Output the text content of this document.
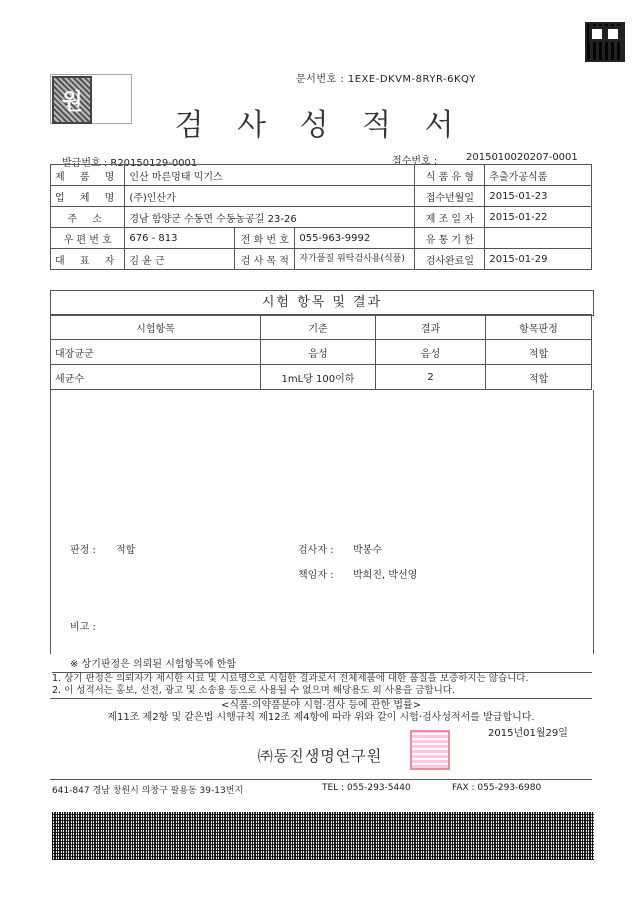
문서번호 : 1EXE-DKVM-8RYR-6KQY
원
검 사 성 적 서
발급번호 : R20150129-0001	접수번호 :	2015010020207-0001
제 품 명	인산 마른멍태 믹기스			식 품 유 형	추출가공식품
업 체 명	(주)인산가			접수년월일	2015-01-23
주 소	경남 함양군 수동면 수동농공길 23-26			제 조 일 자	2015-01-22
우 편 번 호	676 - 813	전 화 번 호	055-963-9992	유 통 기 한	
대 표 자	김 윤 근	검 사 목 적	자가품질 위탁검사용(식품)	검사완료일	2015-01-29
시험 항목 및 결과
시험항목	기준	결과	항목판정
대장균군	음성	음성	적합
세균수	1mL당 100이하	2	적합
판정 : 적합	검사자 : 박봉수
책임자 : 박희진, 박선영
비고 :
※ 상기판정은 의뢰된 시험항목에 한함
1. 상기 판정은 의뢰자가 제시한 시료 및 시료명으로 시험한 결과로서 전체제품에 대한 품질을 보증하지는 않습니다.
2. 이 성적서는 홍보, 선전, 광고 및 소송용 등으로 사용될 수 없으며 해당용도 외 사용을 금합니다.
<식품·의약품분야 시험·검사 등에 관한 법률>
제11조 제2항 및 같은법 시행규칙 제12조 제4항에 따라 위와 같이 시험·검사성적서를 발급합니다.
2015년01월29일
㈜동진생명연구원
641-847 경남 창원시 의창구 팔용동 39-13번지	TEL : 055-293-5440	FAX : 055-293-6980
